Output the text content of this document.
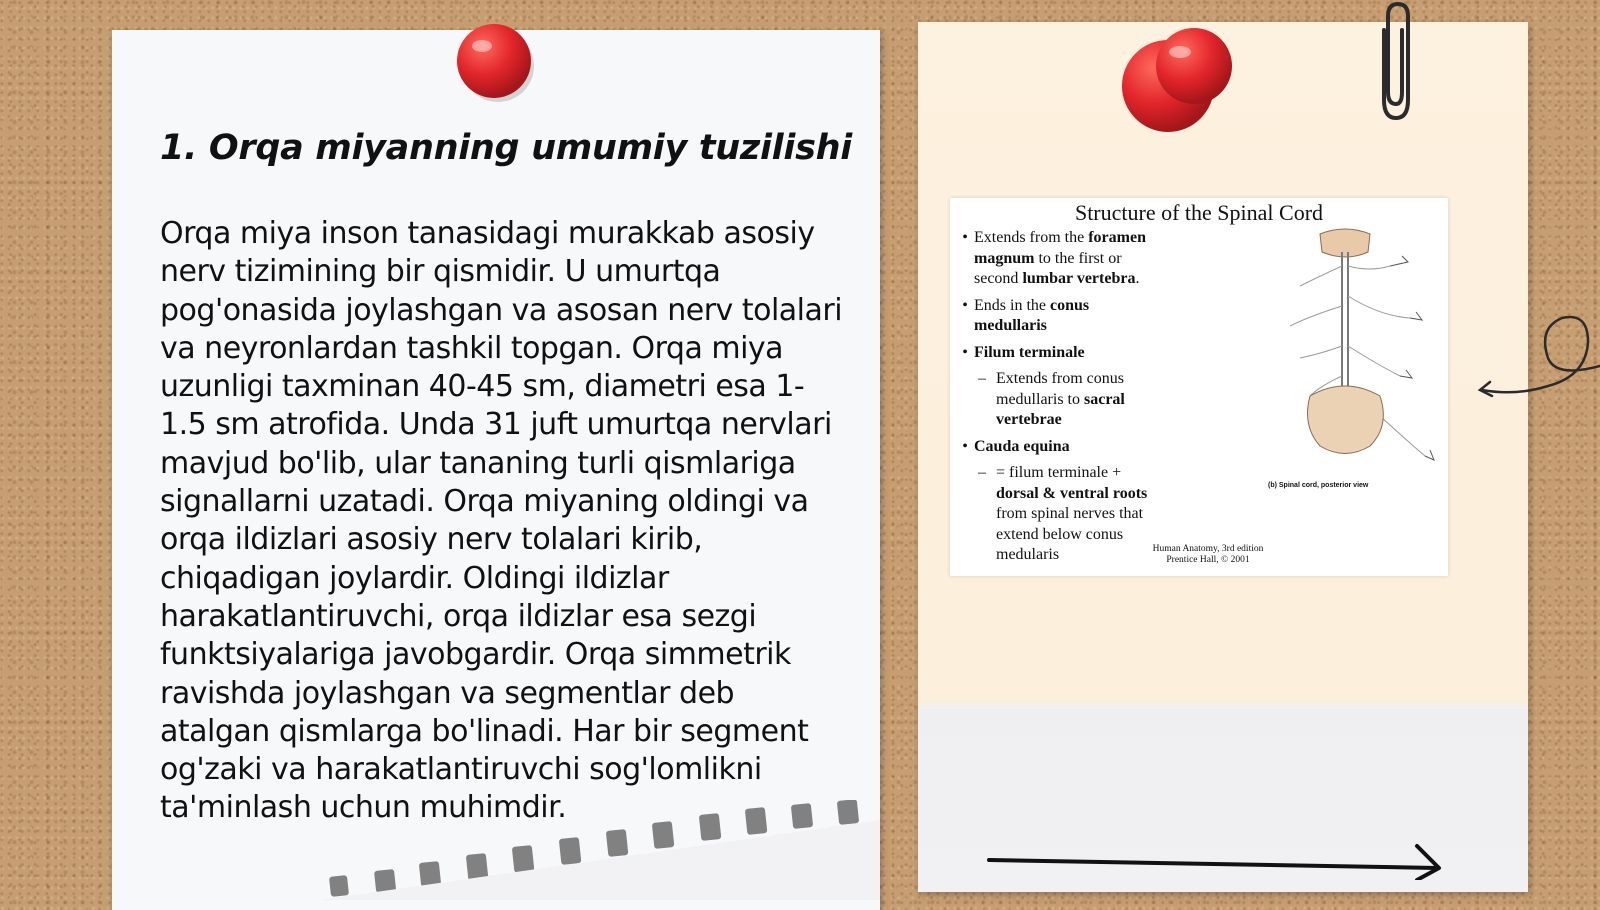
1. Orqa miyanning umumiy tuzilishi

Orqa miya inson tanasidagi murakkab asosiy nerv tizimining bir qismidir. U umurtqa pog'onasida joylashgan va asosan nerv tolalari va neyronlardan tashkil topgan. Orqa miya uzunligi taxminan 40-45 sm, diametri esa 1-1.5 sm atrofida. Unda 31 juft umurtqa nervlari mavjud bo'lib, ular tananing turli qismlariga signallarni uzatadi. Orqa miyaning oldingi va orqa ildizlari asosiy nerv tolalari kirib, chiqadigan joylardir. Oldingi ildizlar harakatlantiruvchi, orqa ildizlar esa sezgi funktsiyalariga javobgardir. Orqa simmetrik ravishda joylashgan va segmentlar deb atalgan qismlarga bo'linadi. Har bir segment og'zaki va harakatlantiruvchi sog'lomlikni ta'minlash uchun muhimdir.

Structure of the Spinal Cord
• Extends from the foramen magnum to the first or second lumbar vertebra.
• Ends in the conus medullaris
• Filum terminale
– Extends from conus medullaris to sacral vertebrae
• Cauda equina
– = filum terminale + dorsal & ventral roots from spinal nerves that extend below conus medularis
(b) Spinal cord, posterior view
Human Anatomy, 3rd edition
Prentice Hall, © 2001
